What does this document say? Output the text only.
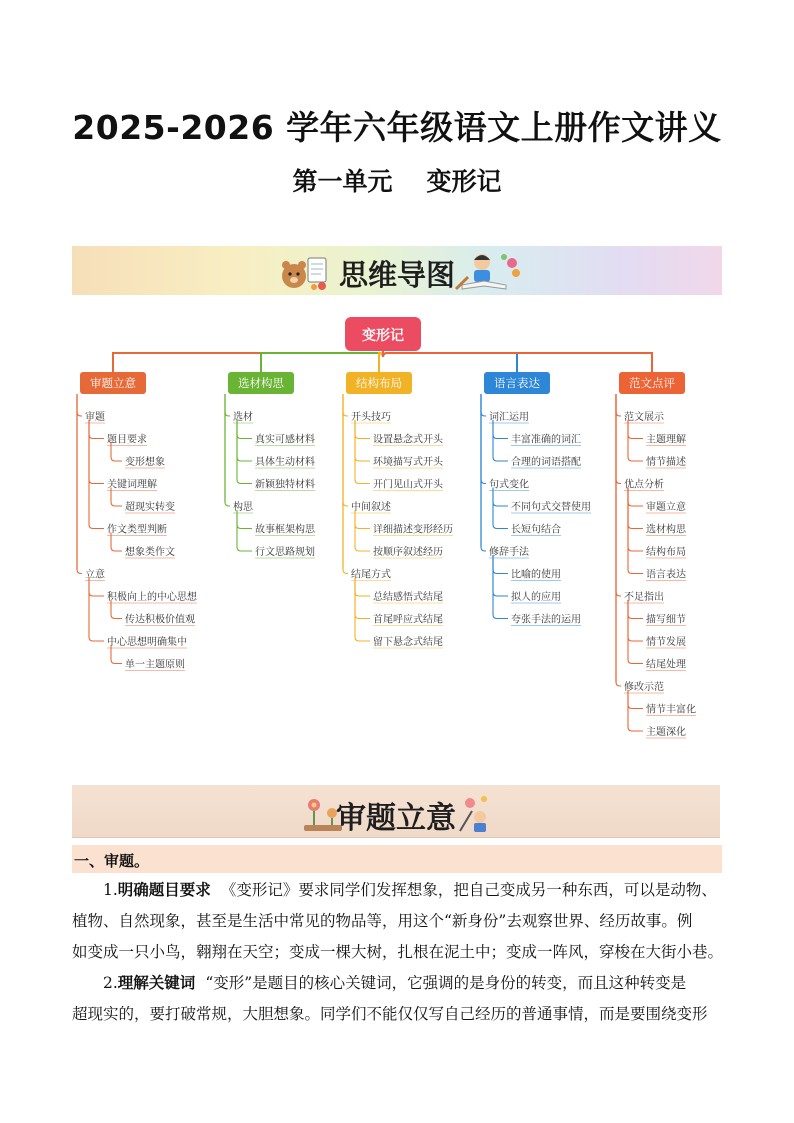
2025-2026 学年六年级语文上册作文讲义
第一单元 变形记
思维导图
变形记
审题立意
审题
题目要求
变形想象
关键词理解
超现实转变
作文类型判断
想象类作文
立意
积极向上的中心思想
传达积极价值观
中心思想明确集中
单一主题原则
选材构思
选材
真实可感材料
具体生动材料
新颖独特材料
构思
故事框架构思
行文思路规划
结构布局
开头技巧
设置悬念式开头
环境描写式开头
开门见山式开头
中间叙述
详细描述变形经历
按顺序叙述经历
结尾方式
总结感悟式结尾
首尾呼应式结尾
留下悬念式结尾
语言表达
词汇运用
丰富准确的词汇
合理的词语搭配
句式变化
不同句式交替使用
长短句结合
修辞手法
比喻的使用
拟人的应用
夸张手法的运用
范文点评
范文展示
主题理解
情节描述
优点分析
审题立意
选材构思
结构布局
语言表达
不足指出
描写细节
情节发展
结尾处理
修改示范
情节丰富化
主题深化
审题立意
一、审题。
1.明确题目要求 《变形记》要求同学们发挥想象，把自己变成另一种东西，可以是动物、
植物、自然现象，甚至是生活中常见的物品等，用这个“新身份”去观察世界、经历故事。例
如变成一只小鸟，翱翔在天空；变成一棵大树，扎根在泥土中；变成一阵风，穿梭在大街小巷。
2.理解关键词 “变形”是题目的核心关键词，它强调的是身份的转变，而且这种转变是
超现实的，要打破常规，大胆想象。同学们不能仅仅写自己经历的普通事情，而是要围绕变形
